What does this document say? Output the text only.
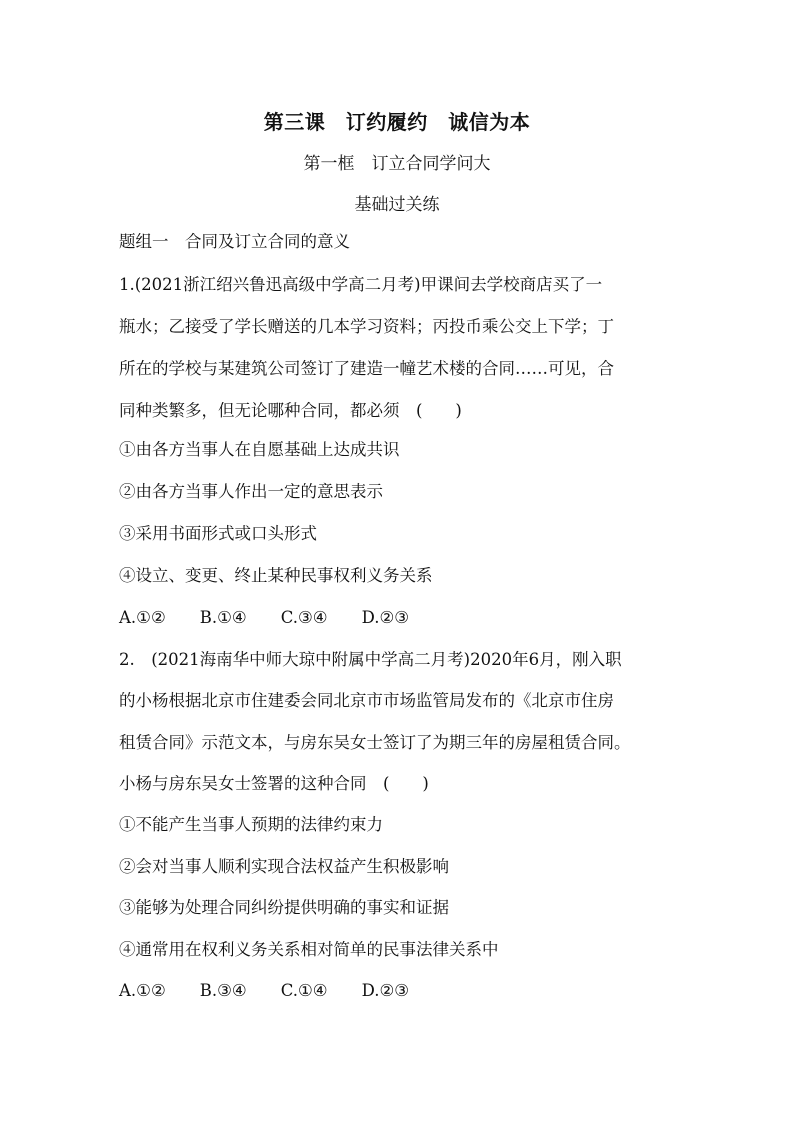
第三课　订约履约　诚信为本
第一框　订立合同学问大
基础过关练
题组一　合同及订立合同的意义
1.(2021浙江绍兴鲁迅高级中学高二月考)甲课间去学校商店买了一
瓶水；乙接受了学长赠送的几本学习资料；丙投币乘公交上下学；丁
所在的学校与某建筑公司签订了建造一幢艺术楼的合同……可见，合
同种类繁多，但无论哪种合同，都必须　(　　)
①由各方当事人在自愿基础上达成共识
②由各方当事人作出一定的意思表示
③采用书面形式或口头形式
④设立、变更、终止某种民事权利义务关系
A.①② B.①④ C.③④ D.②③
2.　(2021海南华中师大琼中附属中学高二月考)2020年6月，刚入职
的小杨根据北京市住建委会同北京市市场监管局发布的《北京市住房
租赁合同》示范文本，与房东吴女士签订了为期三年的房屋租赁合同。
小杨与房东吴女士签署的这种合同　(　　)
①不能产生当事人预期的法律约束力
②会对当事人顺利实现合法权益产生积极影响
③能够为处理合同纠纷提供明确的事实和证据
④通常用在权利义务关系相对简单的民事法律关系中
A.①② B.③④ C.①④ D.②③
